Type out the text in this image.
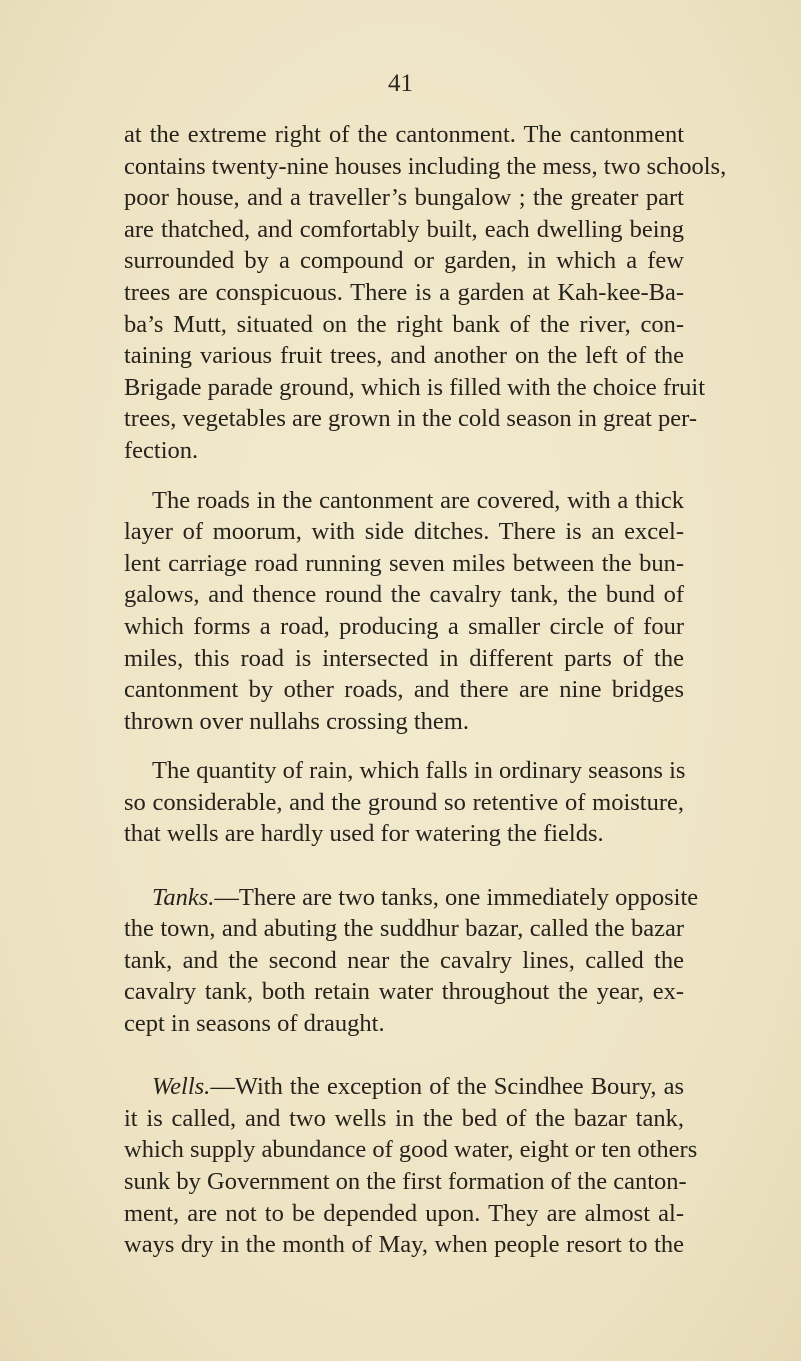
41
at the extreme right of the cantonment. The cantonment
contains twenty-nine houses including the mess, two schools,
poor house, and a traveller’s bungalow ; the greater part
are thatched, and comfortably built, each dwelling being
surrounded by a compound or garden, in which a few
trees are conspicuous. There is a garden at Kah-kee-Ba-
ba’s Mutt, situated on the right bank of the river, con-
taining various fruit trees, and another on the left of the
Brigade parade ground, which is filled with the choice fruit
trees, vegetables are grown in the cold season in great per-
fection.
The roads in the cantonment are covered, with a thick
layer of moorum, with side ditches. There is an excel-
lent carriage road running seven miles between the bun-
galows, and thence round the cavalry tank, the bund of
which forms a road, producing a smaller circle of four
miles, this road is intersected in different parts of the
cantonment by other roads, and there are nine bridges
thrown over nullahs crossing them.
The quantity of rain, which falls in ordinary seasons is
so considerable, and the ground so retentive of moisture,
that wells are hardly used for watering the fields.
Tanks.—There are two tanks, one immediately opposite
the town, and abuting the suddhur bazar, called the bazar
tank, and the second near the cavalry lines, called the
cavalry tank, both retain water throughout the year, ex-
cept in seasons of draught.
Wells.—With the exception of the Scindhee Boury, as
it is called, and two wells in the bed of the bazar tank,
which supply abundance of good water, eight or ten others
sunk by Government on the first formation of the canton-
ment, are not to be depended upon. They are almost al-
ways dry in the month of May, when people resort to the
